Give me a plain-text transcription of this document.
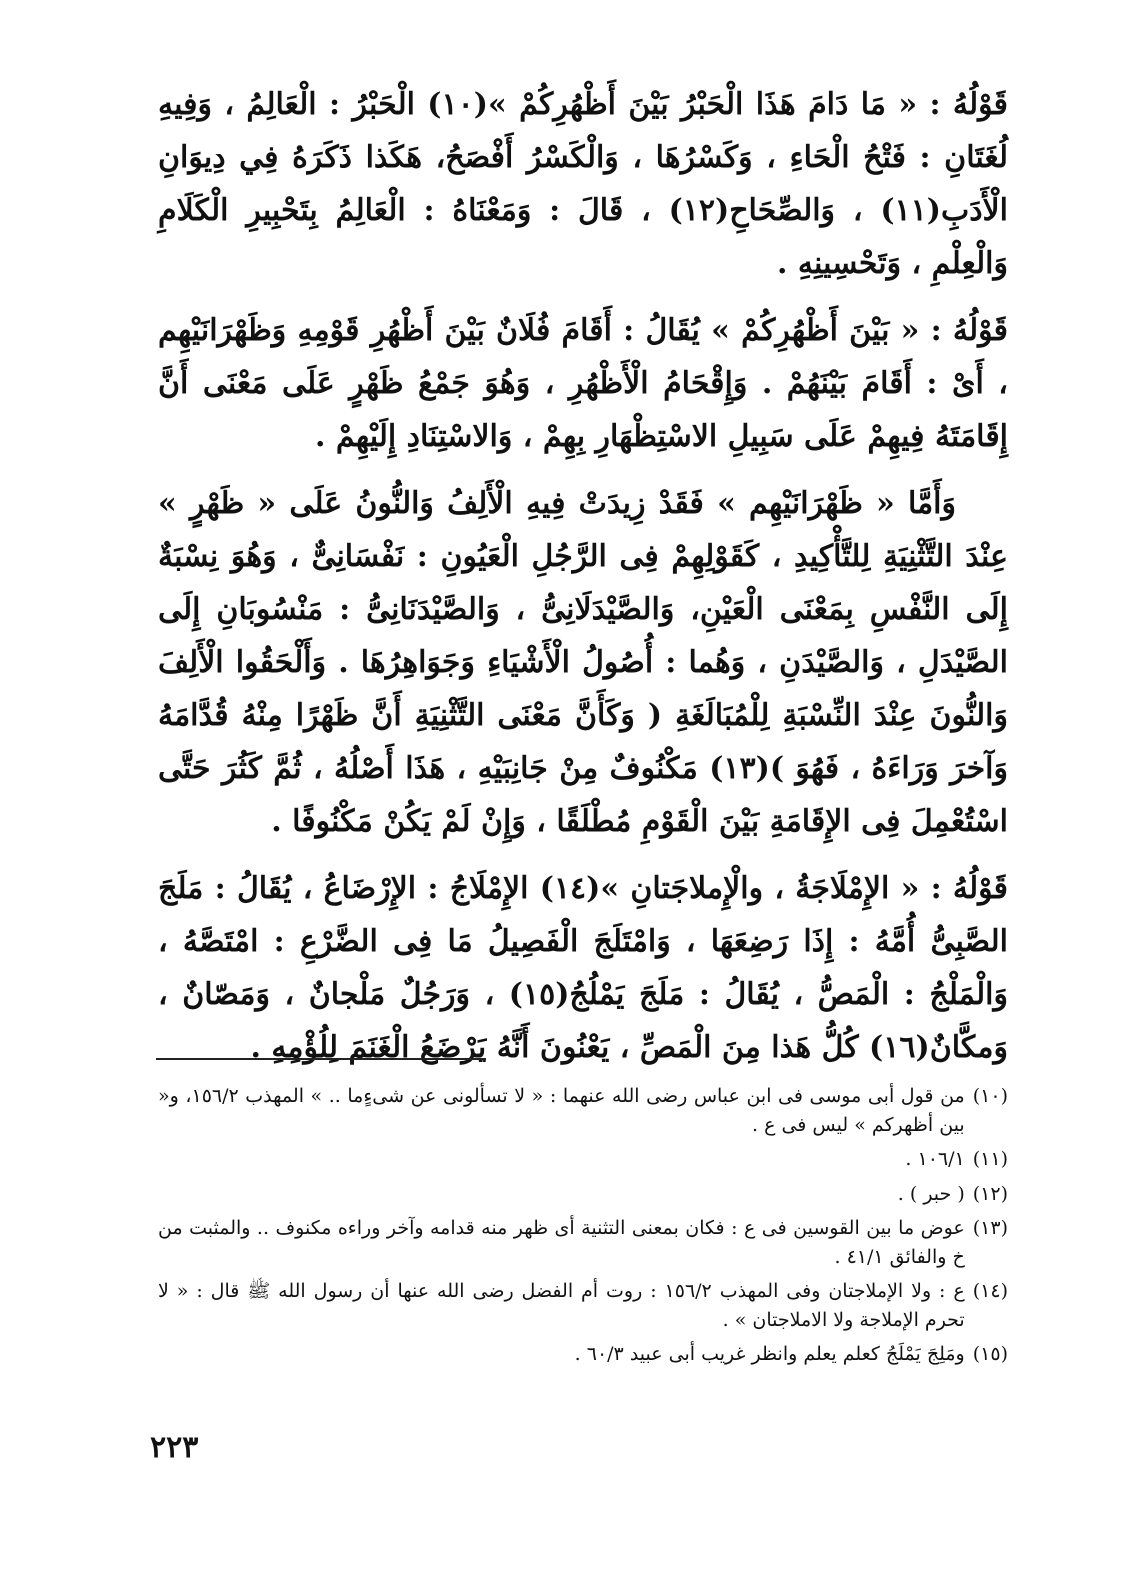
قَوْلُهُ : « مَا دَامَ هَذَا الْحَبْرُ بَيْنَ أَظْهُرِكُمْ »(١٠) الْحَبْرُ : الْعَالِمُ ، وَفِيهِ لُغَتَانِ : فَتْحُ الْحَاءِ ، وَكَسْرُهَا ، وَالْكَسْرُ أَفْصَحُ، هَكَذا ذَكَرَهُ فِي دِيوَانِ الْأَدَبِ(١١) ، وَالصِّحَاحِ(١٢) ، قَالَ : وَمَعْنَاهُ : الْعَالِمُ بِتَحْبِيرِ الْكَلَامِ وَالْعِلْمِ ، وَتَحْسِينِهِ .

قَوْلُهُ : « بَيْنَ أَظْهُرِكُمْ » يُقَالُ : أَقَامَ فُلَانٌ بَيْنَ أَظْهُرِ قَوْمِهِ وَظَهْرَانَيْهِم ، أَىْ : أَقَامَ بَيْنَهُمْ . وَإِقْحَامُ الْأَظْهُرِ ، وَهُوَ جَمْعُ ظَهْرٍ عَلَى مَعْنَى أَنَّ إِقَامَتَهُ فِيهِمْ عَلَى سَبِيلِ الاسْتِظْهَارِ بِهِمْ ، وَالاسْتِنَادِ إِلَيْهِمْ .

وَأَمَّا « ظَهْرَانَيْهِم » فَقَدْ زِيدَتْ فِيهِ الْأَلِفُ وَالنُّونُ عَلَى « ظَهْرٍ » عِنْدَ التَّثْنِيَةِ لِلتَّأْكِيدِ ، كَقَوْلِهِمْ فِى الرَّجُلِ الْعَيُونِ : نَفْسَانِىٌّ ، وَهُوَ نِسْبَةٌ إِلَى النَّفْسِ بِمَعْنَى الْعَيْنِ، وَالصَّيْدَلَانِىُّ ، وَالصَّيْدَنَانِىُّ : مَنْسُوبَانِ إِلَى الصَّيْدَلِ ، وَالصَّيْدَنِ ، وَهُما : أُصُولُ الْأَشْيَاءِ وَجَوَاهِرُهَا . وَأَلْحَقُوا الْأَلِفَ وَالنُّونَ عِنْدَ النِّسْبَةِ لِلْمُبَالَغَةِ ( وَكَأَنَّ مَعْنَى التَّثْنِيَةِ أَنَّ ظَهْرًا مِنْهُ قُدَّامَهُ وَآخرَ وَرَاءَهُ ، فَهُوَ )(١٣) مَكْنُوفٌ مِنْ جَانِبَيْهِ ، هَذَا أَصْلُهُ ، ثُمَّ كَثُرَ حَتَّى اسْتُعْمِلَ فِى الإِقَامَةِ بَيْنَ الْقَوْمِ مُطْلَقًا ، وَإِنْ لَمْ يَكُنْ مَكْنُوفًا .

قَوْلُهُ : « الإِمْلَاجَةُ ، والْإِملاجَتانِ »(١٤) الإِمْلَاجُ : الإِرْضَاعُ ، يُقَالُ : مَلَجَ الصَّبِىُّ أُمَّهُ : إِذَا رَضِعَهَا ، وَامْتَلَجَ الْفَصِيلُ مَا فِى الضَّرْعِ : امْتَصَّهُ ، وَالْمَلْجُ : الْمَصُّ ، يُقَالُ : مَلَجَ يَمْلُجُ(١٥) ، وَرَجُلٌ مَلْجانٌ ، وَمَصّانٌ ، وَمكَّانٌ(١٦) كُلُّ هَذا مِنَ الْمَصِّ ، يَعْنُونَ أَنَّهُ يَرْضَعُ الْغَنَمَ لِلُؤْمِهِ .

(١٠)
من قول أبى موسى فى ابن عباس رضى الله عنهما : « لا تسألونى عن شىءٍما .. » المهذب ١٥٦/٢، و« بين أظهركم » ليس فى ع .
(١١)
١٠٦/١ .
(١٢)
( حبر ) .
(١٣)
عوض ما بين القوسين فى ع : فكان بمعنى التثنية أى ظهر منه قدامه وآخر وراءه مكنوف .. والمثبت من خ والفائق ٤١/١ .
(١٤)
ع : ولا الإملاجتان وفى المهذب ١٥٦/٢ : روت أم الفضل رضى الله عنها أن رسول الله ﷺ قال : « لا تحرم الإملاجة ولا الاملاجتان » .
(١٥)
ومَلِجَ يَمْلَجُ كعلم يعلم وانظر غريب أبى عبيد ٦٠/٣ .
٢٢٣
